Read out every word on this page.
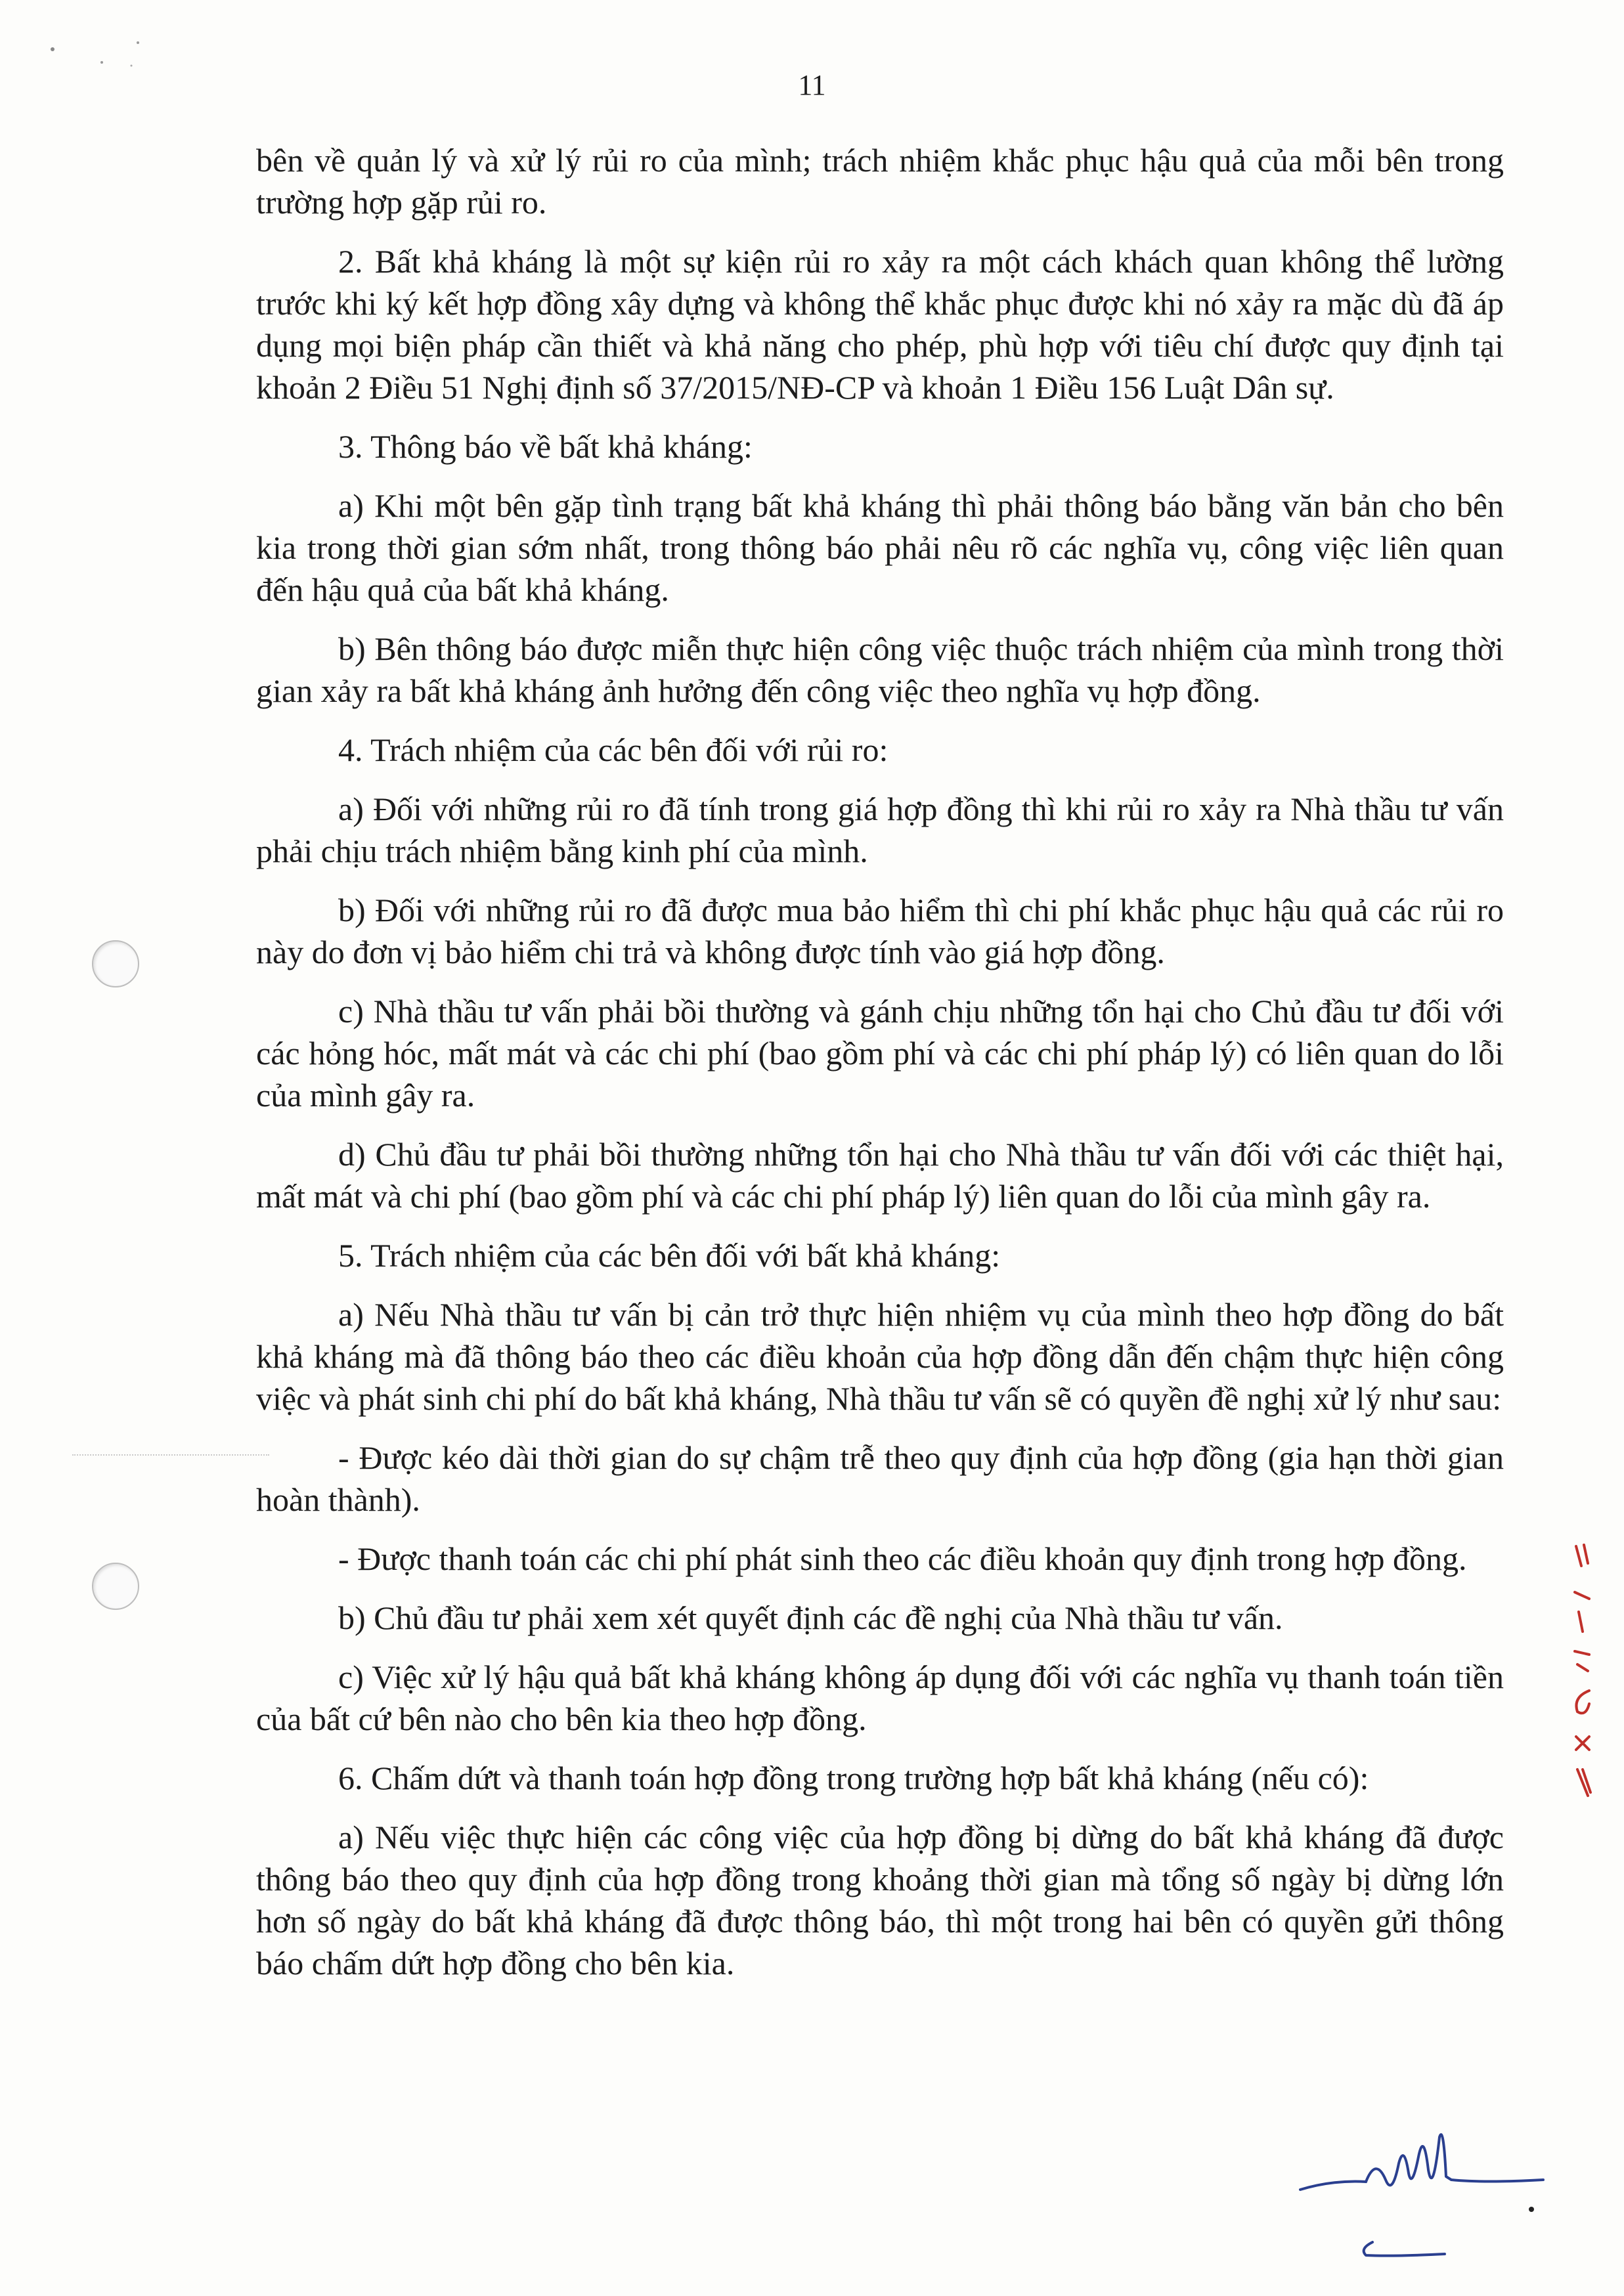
11

bên về quản lý và xử lý rủi ro của mình; trách nhiệm khắc phục hậu quả của mỗi bên trong trường hợp gặp rủi ro.

2. Bất khả kháng là một sự kiện rủi ro xảy ra một cách khách quan không thể lường trước khi ký kết hợp đồng xây dựng và không thể khắc phục được khi nó xảy ra mặc dù đã áp dụng mọi biện pháp cần thiết và khả năng cho phép, phù hợp với tiêu chí được quy định tại khoản 2 Điều 51 Nghị định số 37/2015/NĐ-CP và khoản 1 Điều 156 Luật Dân sự.

3. Thông báo về bất khả kháng:

a) Khi một bên gặp tình trạng bất khả kháng thì phải thông báo bằng văn bản cho bên kia trong thời gian sớm nhất, trong thông báo phải nêu rõ các nghĩa vụ, công việc liên quan đến hậu quả của bất khả kháng.

b) Bên thông báo được miễn thực hiện công việc thuộc trách nhiệm của mình trong thời gian xảy ra bất khả kháng ảnh hưởng đến công việc theo nghĩa vụ hợp đồng.

4. Trách nhiệm của các bên đối với rủi ro:

a) Đối với những rủi ro đã tính trong giá hợp đồng thì khi rủi ro xảy ra Nhà thầu tư vấn phải chịu trách nhiệm bằng kinh phí của mình.

b) Đối với những rủi ro đã được mua bảo hiểm thì chi phí khắc phục hậu quả các rủi ro này do đơn vị bảo hiểm chi trả và không được tính vào giá hợp đồng.

c) Nhà thầu tư vấn phải bồi thường và gánh chịu những tổn hại cho Chủ đầu tư đối với các hỏng hóc, mất mát và các chi phí (bao gồm phí và các chi phí pháp lý) có liên quan do lỗi của mình gây ra.

d) Chủ đầu tư phải bồi thường những tổn hại cho Nhà thầu tư vấn đối với các thiệt hại, mất mát và chi phí (bao gồm phí và các chi phí pháp lý) liên quan do lỗi của mình gây ra.

5. Trách nhiệm của các bên đối với bất khả kháng:

a) Nếu Nhà thầu tư vấn bị cản trở thực hiện nhiệm vụ của mình theo hợp đồng do bất khả kháng mà đã thông báo theo các điều khoản của hợp đồng dẫn đến chậm thực hiện công việc và phát sinh chi phí do bất khả kháng, Nhà thầu tư vấn sẽ có quyền đề nghị xử lý như sau:

- Được kéo dài thời gian do sự chậm trễ theo quy định của hợp đồng (gia hạn thời gian hoàn thành).

- Được thanh toán các chi phí phát sinh theo các điều khoản quy định trong hợp đồng.

b) Chủ đầu tư phải xem xét quyết định các đề nghị của Nhà thầu tư vấn.

c) Việc xử lý hậu quả bất khả kháng không áp dụng đối với các nghĩa vụ thanh toán tiền của bất cứ bên nào cho bên kia theo hợp đồng.

6. Chấm dứt và thanh toán hợp đồng trong trường hợp bất khả kháng (nếu có):

a) Nếu việc thực hiện các công việc của hợp đồng bị dừng do bất khả kháng đã được thông báo theo quy định của hợp đồng trong khoảng thời gian mà tổng số ngày bị dừng lớn hơn số ngày do bất khả kháng đã được thông báo, thì một trong hai bên có quyền gửi thông báo chấm dứt hợp đồng cho bên kia.
